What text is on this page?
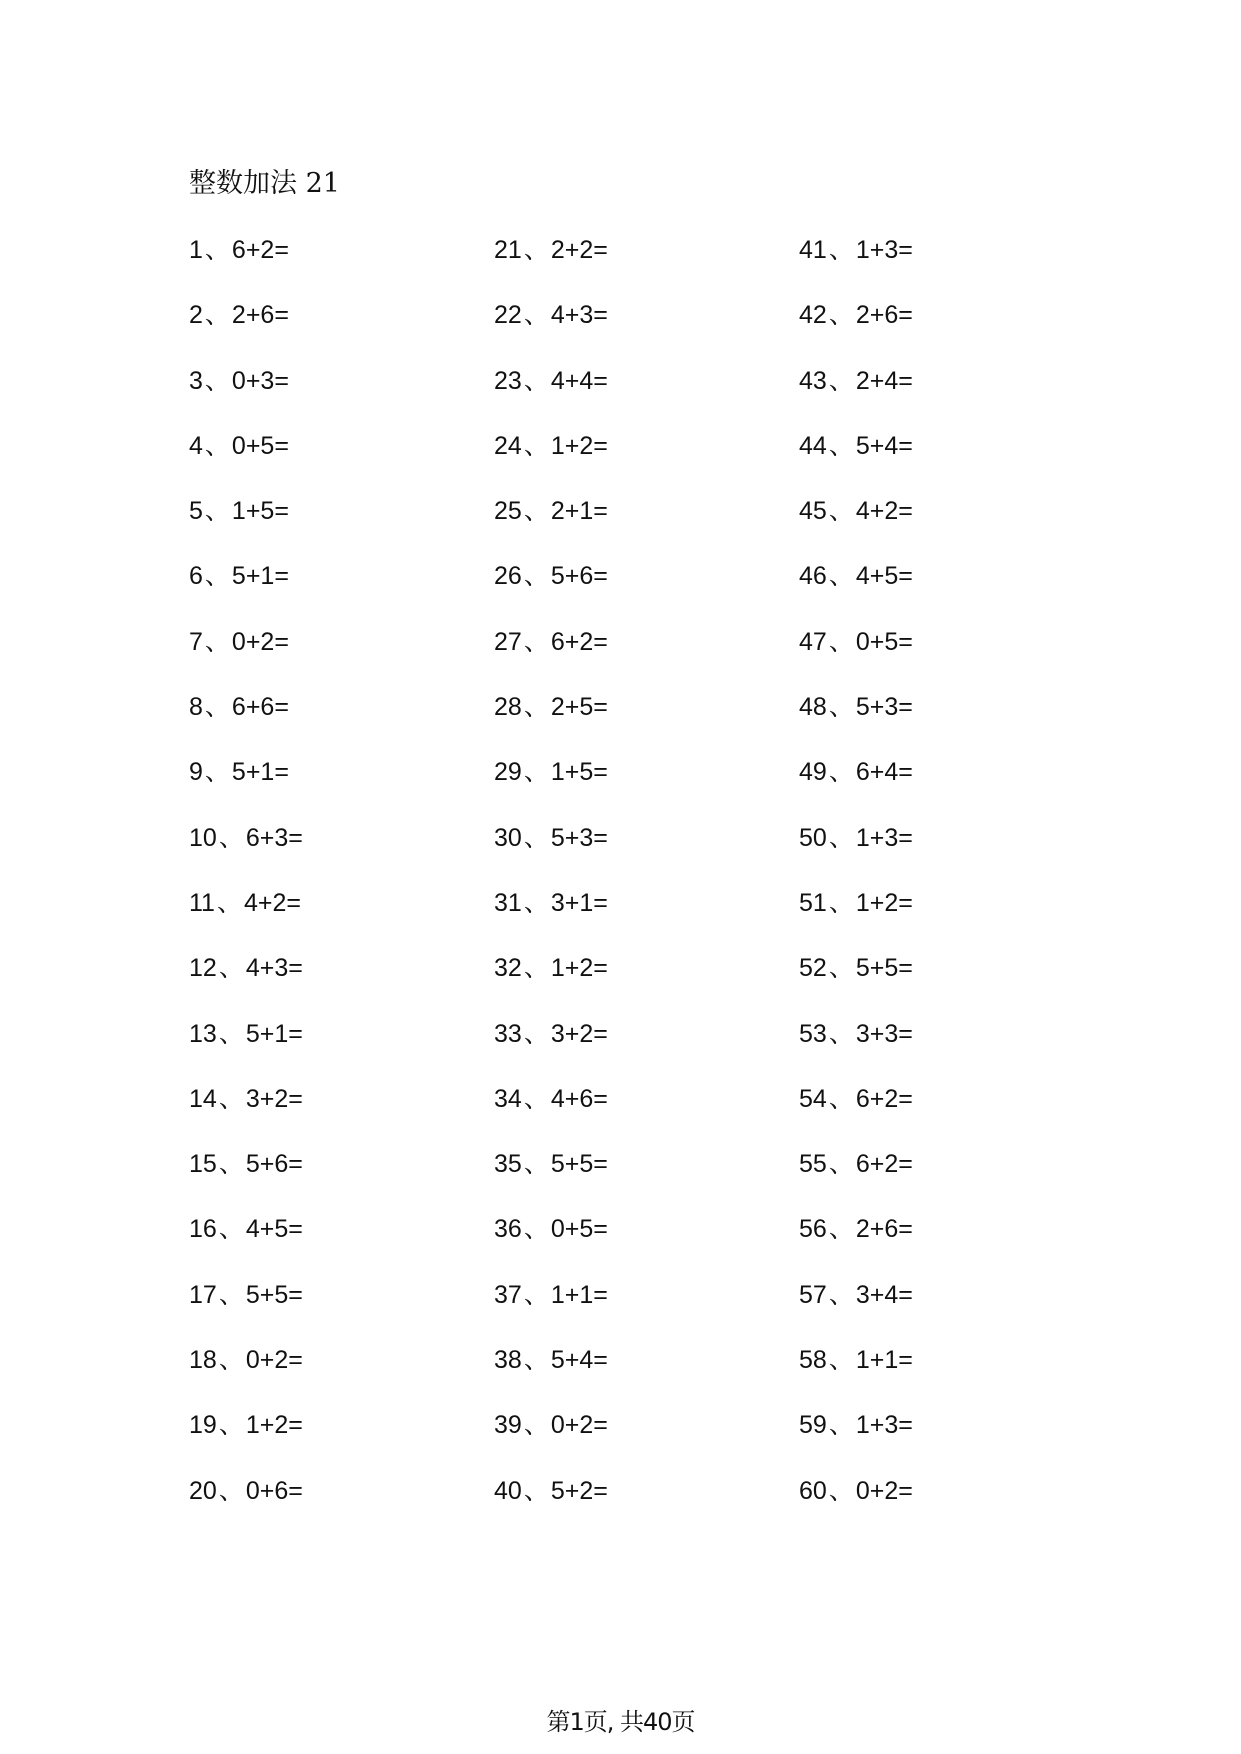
整数加法 21
1 、 6+2=
2 、 2+6=
3 、 0+3=
4 、 0+5=
5 、 1+5=
6 、 5+1=
7 、 0+2=
8 、 6+6=
9 、 5+1=
10 、 6+3=
11 、 4+2=
12 、 4+3=
13 、 5+1=
14 、 3+2=
15 、 5+6=
16 、 4+5=
17 、 5+5=
18 、 0+2=
19 、 1+2=
20 、 0+6=
21 、 2+2=
22 、 4+3=
23 、 4+4=
24 、 1+2=
25 、 2+1=
26 、 5+6=
27 、 6+2=
28 、 2+5=
29 、 1+5=
30 、 5+3=
31 、 3+1=
32 、 1+2=
33 、 3+2=
34 、 4+6=
35 、 5+5=
36 、 0+5=
37 、 1+1=
38 、 5+4=
39 、 0+2=
40 、 5+2=
41 、 1+3=
42 、 2+6=
43 、 2+4=
44 、 5+4=
45 、 4+2=
46 、 4+5=
47 、 0+5=
48 、 5+3=
49 、 6+4=
50 、 1+3=
51 、 1+2=
52 、 5+5=
53 、 3+3=
54 、 6+2=
55 、 6+2=
56 、 2+6=
57 、 3+4=
58 、 1+1=
59 、 1+3=
60 、 0+2=
第1页, 共40页
